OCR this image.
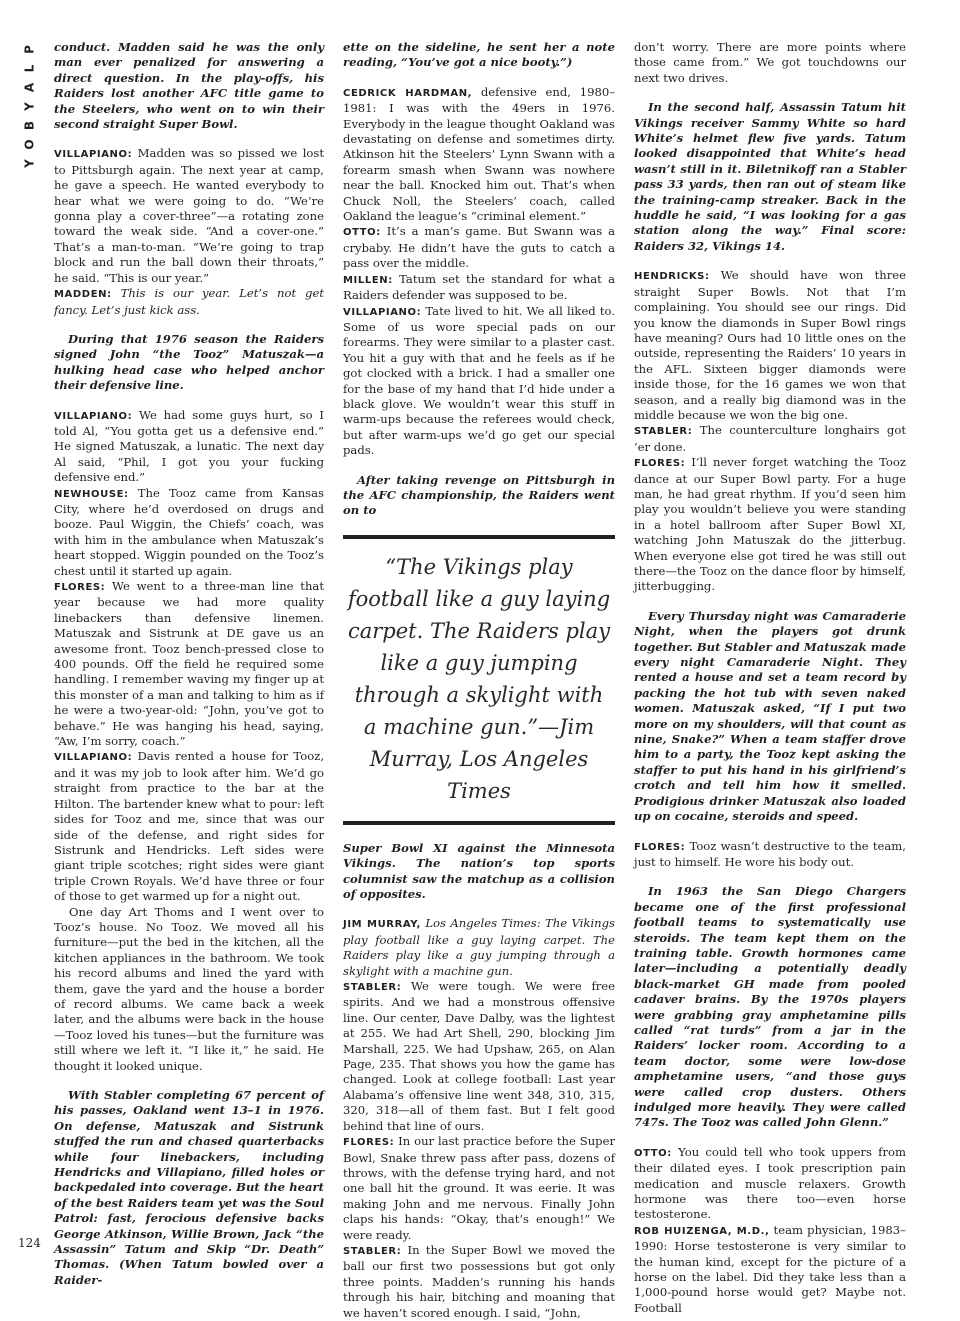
P
L
A
Y
B
O
Y
124

conduct. Madden said he was the only man ever penalized for answering a direct question. In the play-offs, his Raiders lost another AFC title game to the Steelers, who went on to win their second straight Super Bowl.

VILLAPIANO: Madden was so pissed we lost to Pittsburgh again. The next year at camp, he gave a speech. He wanted everybody to hear what we were going to do. “We’re gonna play a cover-three”—a rotating zone toward the weak side. “And a cover-one.” That’s a man-to-man. “We’re going to trap block and run the ball down their throats,” he said. “This is our year.”

MADDEN: This is our year. Let’s not get fancy. Let’s just kick ass.

During that 1976 season the Raiders signed John “the Tooz” Matuszak—a hulking head case who helped anchor their defensive line.

VILLAPIANO: We had some guys hurt, so I told Al, “You gotta get us a defensive end.” He signed Matuszak, a lunatic. The next day Al said, “Phil, I got you your fucking defensive end.”

NEWHOUSE: The Tooz came from Kansas City, where he’d overdosed on drugs and booze. Paul Wiggin, the Chiefs’ coach, was with him in the ambulance when Matuszak’s heart stopped. Wiggin pounded on the Tooz’s chest until it started up again.

FLORES: We went to a three-man line that year because we had more quality linebackers than defensive linemen. Matuszak and Sistrunk at DE gave us an awesome front. Tooz bench-pressed close to 400 pounds. Off the field he required some handling. I remember waving my finger up at this monster of a man and talking to him as if he were a two-year-old: “John, you’ve got to behave.” He was hanging his head, saying, “Aw, I’m sorry, coach.”

VILLAPIANO: Davis rented a house for Tooz, and it was my job to look after him. We’d go straight from practice to the bar at the Hilton. The bartender knew what to pour: left sides for Tooz and me, since that was our side of the defense, and right sides for Sistrunk and Hendricks. Left sides were giant triple scotches; right sides were giant triple Crown Royals. We’d have three or four of those to get warmed up for a night out.

One day Art Thoms and I went over to Tooz’s house. No Tooz. We moved all his furniture—put the bed in the kitchen, all the kitchen appliances in the bathroom. We took his record albums and lined the yard with them, gave the yard and the house a border of record albums. We came back a week later, and the albums were back in the house—Tooz loved his tunes—but the furniture was still where we left it. “I like it,” he said. He thought it looked unique.

With Stabler completing 67 percent of his passes, Oakland went 13–1 in 1976. On defense, Matuszak and Sistrunk stuffed the run and chased quarterbacks while four linebackers, including Hendricks and Villapiano, filled holes or backpedaled into coverage. But the heart of the best Raiders team yet was the Soul Patrol: fast, ferocious defensive backs George Atkinson, Willie Brown, Jack “the Assassin” Tatum and Skip “Dr. Death” Thomas. (When Tatum bowled over a Raider-

ette on the sideline, he sent her a note reading, “You’ve got a nice booty.”)

CEDRICK HARDMAN, defensive end, 1980–1981: I was with the 49ers in 1976. Everybody in the league thought Oakland was devastating on defense and sometimes dirty. Atkinson hit the Steelers’ Lynn Swann with a forearm smash when Swann was nowhere near the ball. Knocked him out. That’s when Chuck Noll, the Steelers’ coach, called Oakland the league’s “criminal element.”

OTTO: It’s a man’s game. But Swann was a crybaby. He didn’t have the guts to catch a pass over the middle.

MILLEN: Tatum set the standard for what a Raiders defender was supposed to be.

VILLAPIANO: Tate lived to hit. We all liked to. Some of us wore special pads on our forearms. They were similar to a plaster cast. You hit a guy with that and he feels as if he got clocked with a brick. I had a smaller one for the base of my hand that I’d hide under a black glove. We wouldn’t wear this stuff in warm-ups because the referees would check, but after warm-ups we’d go get our special pads.

After taking revenge on Pittsburgh in the AFC championship, the Raiders went on to

“The Vikings play football like a guy laying carpet. The Raiders play like a guy jumping through a skylight with a machine gun.”—Jim Murray, Los Angeles Times

Super Bowl XI against the Minnesota Vikings. The nation’s top sports columnist saw the matchup as a collision of opposites.

JIM MURRAY, Los Angeles Times: The Vikings play football like a guy laying carpet. The Raiders play like a guy jumping through a skylight with a machine gun.

STABLER: We were tough. We were free spirits. And we had a monstrous offensive line. Our center, Dave Dalby, was the lightest at 255. We had Art Shell, 290, blocking Jim Marshall, 225. We had Upshaw, 265, on Alan Page, 235. That shows you how the game has changed. Look at college football: Last year Alabama’s offensive line went 348, 310, 315, 320, 318—all of them fast. But I felt good behind that line of ours.

FLORES: In our last practice before the Super Bowl, Snake threw pass after pass, dozens of throws, with the defense trying hard, and not one ball hit the ground. It was eerie. It was making John and me nervous. Finally John claps his hands: “Okay, that’s enough!” We were ready.

STABLER: In the Super Bowl we moved the ball our first two possessions but got only three points. Madden’s running his hands through his hair, bitching and moaning that we haven’t scored enough. I said, “John,

don’t worry. There are more points where those came from.” We got touchdowns our next two drives.

In the second half, Assassin Tatum hit Vikings receiver Sammy White so hard White’s helmet flew five yards. Tatum looked disappointed that White’s head wasn’t still in it. Biletnikoff ran a Stabler pass 33 yards, then ran out of steam like the training-camp streaker. Back in the huddle he said, “I was looking for a gas station along the way.” Final score: Raiders 32, Vikings 14.

HENDRICKS: We should have won three straight Super Bowls. Not that I’m complaining. You should see our rings. Did you know the diamonds in Super Bowl rings have meaning? Ours had 10 little ones on the outside, representing the Raiders’ 10 years in the AFL. Sixteen bigger diamonds were inside those, for the 16 games we won that season, and a really big diamond was in the middle because we won the big one.

STABLER: The counterculture longhairs got ’er done.

FLORES: I’ll never forget watching the Tooz dance at our Super Bowl party. For a huge man, he had great rhythm. If you’d seen him play you wouldn’t believe you were standing in a hotel ballroom after Super Bowl XI, watching John Matuszak do the jitterbug. When everyone else got tired he was still out there—the Tooz on the dance floor by himself, jitterbugging.

Every Thursday night was Camaraderie Night, when the players got drunk together. But Stabler and Matuszak made every night Camaraderie Night. They rented a house and set a team record by packing the hot tub with seven naked women. Matuszak asked, “If I put two more on my shoulders, will that count as nine, Snake?” When a team staffer drove him to a party, the Tooz kept asking the staffer to put his hand in his girlfriend’s crotch and tell him how it smelled. Prodigious drinker Matuszak also loaded up on cocaine, steroids and speed.

FLORES: Tooz wasn’t destructive to the team, just to himself. He wore his body out.

In 1963 the San Diego Chargers became one of the first professional football teams to systematically use steroids. The team kept them on the training table. Growth hormones came later—including a potentially deadly black-market GH made from pooled cadaver brains. By the 1970s players were grabbing gray amphetamine pills called “rat turds” from a jar in the Raiders’ locker room. According to a team doctor, some were low-dose amphetamine users, “and those guys were called crop dusters. Others indulged more heavily. They were called 747s. The Tooz was called John Glenn.”

OTTO: You could tell who took uppers from their dilated eyes. I took prescription pain medication and muscle relaxers. Growth hormone was there too—even horse testosterone.

ROB HUIZENGA, M.D., team physician, 1983–1990: Horse testosterone is very similar to the human kind, except for the picture of a horse on the label. Did they take less than a 1,000-pound horse would get? Maybe not. Football
